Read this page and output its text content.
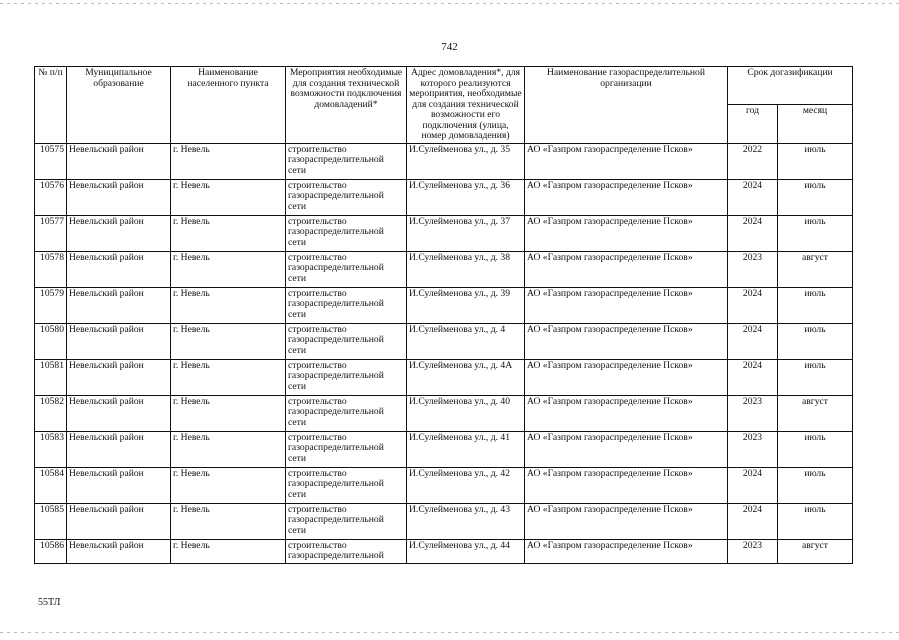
742
№ п/п	Муниципальное образование	Наименование населенного пункта	Мероприятия необходимые для создания технической возможности подключения домовладений*	Адрес домовладения*, для которого реализуются мероприятия, необходимые для создания технической возможности его подключения (улица, номер домовладения)	Наименование газораспределительной организации	Срок догазификации	
						год	месяц
10575	Невельский район	г. Невель	строительство газораспределительной сети	И.Сулейменова ул., д. 35	АО «Газпром газораспределение Псков»	2022	июль
10576	Невельский район	г. Невель	строительство газораспределительной сети	И.Сулейменова ул., д. 36	АО «Газпром газораспределение Псков»	2024	июль
10577	Невельский район	г. Невель	строительство газораспределительной сети	И.Сулейменова ул., д. 37	АО «Газпром газораспределение Псков»	2024	июль
10578	Невельский район	г. Невель	строительство газораспределительной сети	И.Сулейменова ул., д. 38	АО «Газпром газораспределение Псков»	2023	август
10579	Невельский район	г. Невель	строительство газораспределительной сети	И.Сулейменова ул., д. 39	АО «Газпром газораспределение Псков»	2024	июль
10580	Невельский район	г. Невель	строительство газораспределительной сети	И.Сулейменова ул., д. 4	АО «Газпром газораспределение Псков»	2024	июль
10581	Невельский район	г. Невель	строительство газораспределительной сети	И.Сулейменова ул., д. 4А	АО «Газпром газораспределение Псков»	2024	июль
10582	Невельский район	г. Невель	строительство газораспределительной сети	И.Сулейменова ул., д. 40	АО «Газпром газораспределение Псков»	2023	август
10583	Невельский район	г. Невель	строительство газораспределительной сети	И.Сулейменова ул., д. 41	АО «Газпром газораспределение Псков»	2023	июль
10584	Невельский район	г. Невель	строительство газораспределительной сети	И.Сулейменова ул., д. 42	АО «Газпром газораспределение Псков»	2024	июль
10585	Невельский район	г. Невель	строительство газораспределительной сети	И.Сулейменова ул., д. 43	АО «Газпром газораспределение Псков»	2024	июль
10586	Невельский район	г. Невель	строительство газораспределительной	И.Сулейменова ул., д. 44	АО «Газпром газораспределение Псков»	2023	август
55ТЛ
